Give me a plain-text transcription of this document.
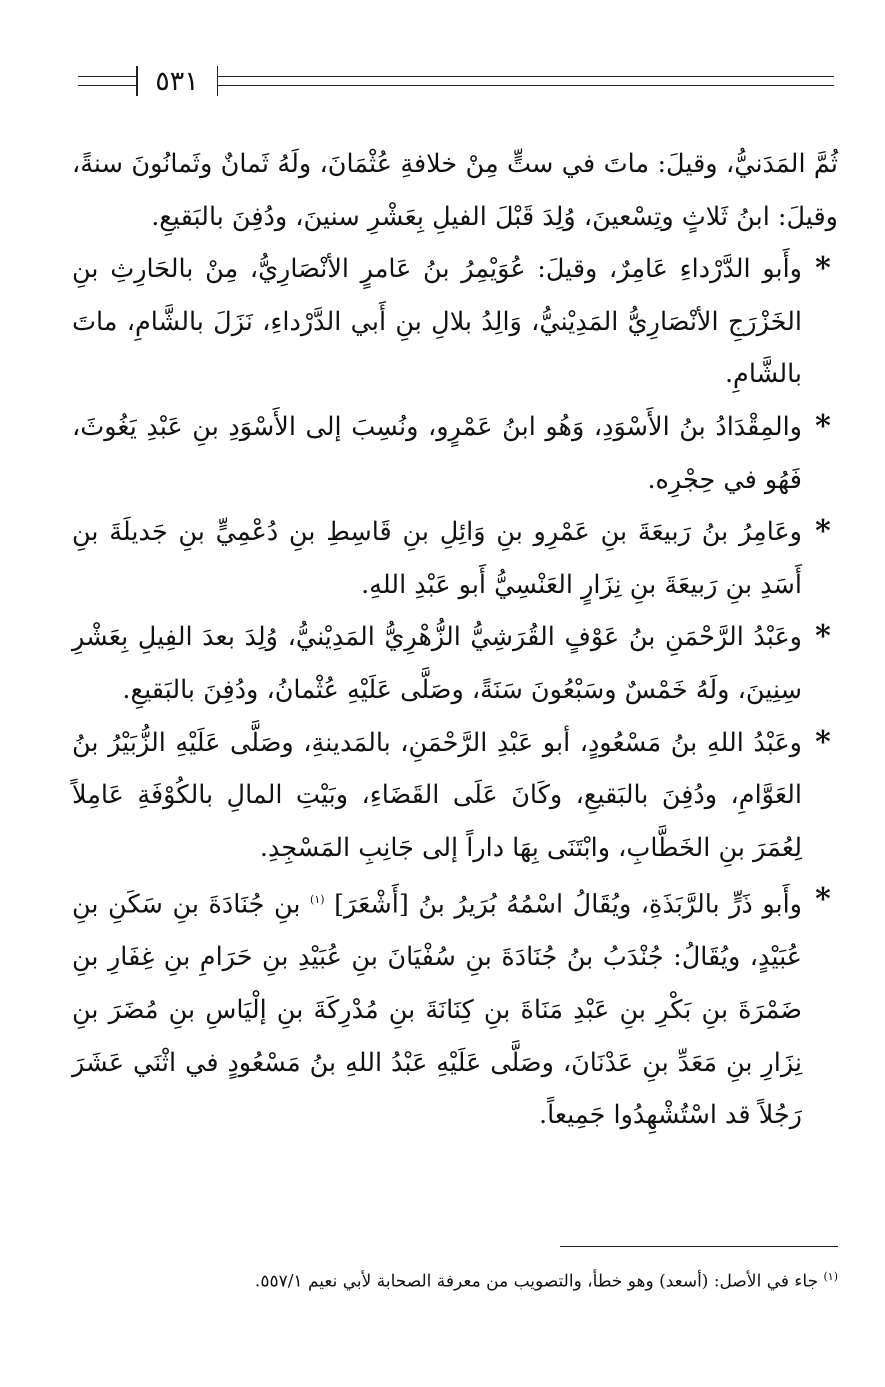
٥٣١

ثُمَّ المَدَنيُّ، وقيلَ: ماتَ في ستٍّ مِنْ خلافةِ عُثْمَانَ، ولَهُ ثَمانٌ وثَمانُونَ سنةً، وقيلَ: ابنُ ثَلاثٍ وتِسْعينَ، وُلِدَ قَبْلَ الفيلِ بِعَشْرِ سنينَ، ودُفِنَ بالبَقيعِ.

*
وأَبو الدَّرْداءِ عَامِرٌ، وقيلَ: عُوَيْمِرُ بنُ عَامرٍ الأنْصَارِيُّ، مِنْ بالحَارِثِ بنِ الخَزْرَجِ الأنْصَارِيُّ المَدِيْنيُّ، وَالِدُ بلالِ بنِ أَبي الدَّرْداءِ، نَزَلَ بالشَّامِ، ماتَ بالشَّامِ.

*
والمِقْدَادُ بنُ الأَسْوَدِ، وَهُو ابنُ عَمْرٍو، ونُسِبَ إلى الأَسْوَدِ بنِ عَبْدِ يَغُوثَ، فَهُو في حِجْرِه.

*
وعَامِرُ بنُ رَبيعَةَ بنِ عَمْرِو بنِ وَائِلِ بنِ قَاسِطِ بنِ دُعْمِيٍّ بنِ جَديلَةَ بنِ أَسَدِ بنِ رَبيعَةَ بنِ نِزَارٍ العَنْسِيُّ أَبو عَبْدِ اللهِ.

*
وعَبْدُ الرَّحْمَنِ بنُ عَوْفٍ القُرَشِيُّ الزُّهْرِيُّ المَدِيْنيُّ، وُلِدَ بعدَ الفِيلِ بِعَشْرِ سِنِينَ، ولَهُ خَمْسٌ وسَبْعُونَ سَنَةً، وصَلَّى عَلَيْهِ عُثْمانُ، ودُفِنَ بالبَقيعِ.

*
وعَبْدُ اللهِ بنُ مَسْعُودٍ، أبو عَبْدِ الرَّحْمَنِ، بالمَدينةِ، وصَلَّى عَلَيْهِ الزُّبَيْرُ بنُ العَوَّامِ، ودُفِنَ بالبَقيعِ، وكَانَ عَلَى القَضَاءِ، وبَيْتِ المالِ بالكُوْفَةِ عَامِلاً لِعُمَرَ بنِ الخَطَّابِ، وابْتَنَى بِهَا داراً إلى جَانِبِ المَسْجِدِ.

*
وأَبو ذَرٍّ بالرَّبَذَةِ، ويُقَالُ اسْمُهُ بُرَيرُ بنُ [أَشْعَرَ] $^{(١)}$ بنِ جُنَادَةَ بنِ سَكَنِ بنِ عُبَيْدٍ، ويُقَالُ: جُنْدَبُ بنُ جُنَادَةَ بنِ سُفْيَانَ بنِ عُبَيْدِ بنِ حَرَامِ بنِ غِفَارِ بنِ ضَمْرَةَ بنِ بَكْرِ بنِ عَبْدِ مَنَاةَ بنِ كِنَانَةَ بنِ مُدْرِكَةَ بنِ إلْيَاسِ بنِ مُضَرَ بنِ نِزَارِ بنِ مَعَدِّ بنِ عَدْنَانَ، وصَلَّى عَلَيْهِ عَبْدُ اللهِ بنُ مَسْعُودٍ في اثْنَي عَشَرَ رَجُلاً قد اسْتُشْهِدُوا جَمِيعاً.

$^{(١)}$ جاء في الأصل: (أسعد) وهو خطأ، والتصويب من معرفة الصحابة لأبي نعيم ٥٥٧/١.
